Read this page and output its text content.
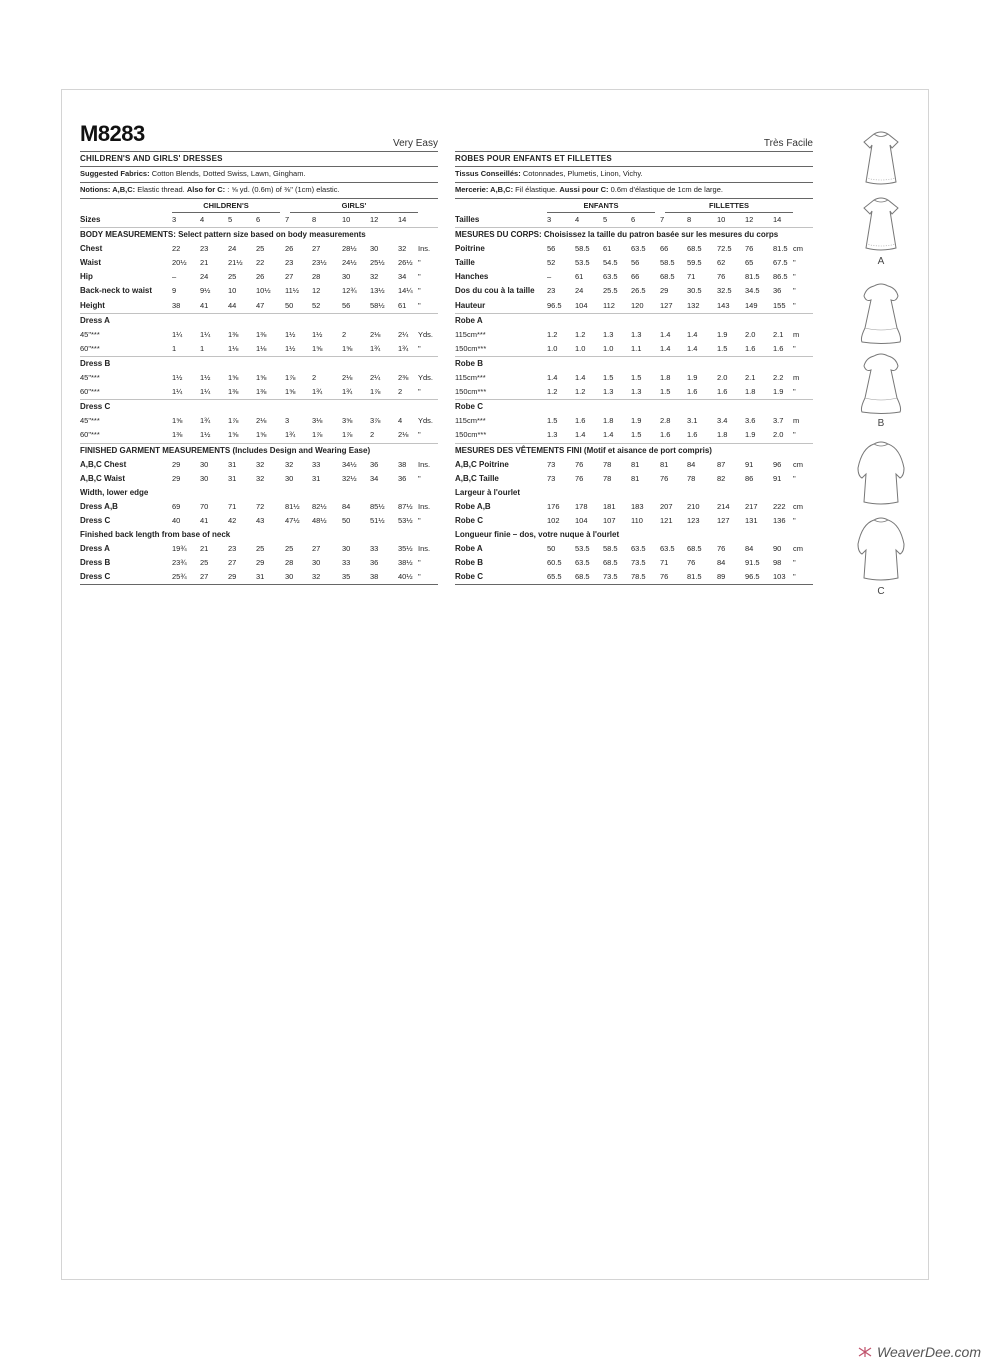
M8283	Very Easy
CHILDREN'S AND GIRLS' DRESSES
Suggested Fabrics: Cotton Blends, Dotted Swiss, Lawn, Gingham.
Notions: A,B,C: Elastic thread. Also for C: : ⅝ yd. (0.6m) of ⅜" (1cm) elastic.
CHILDREN'S	GIRLS'
Sizes	3	4	5	6	7	8	10	12	14
BODY MEASUREMENTS: Select pattern size based on body measurements
Chest	22	23	24	25	26	27	28½	30	32	Ins.
Waist	20½	21	21½	22	23	23½	24½	25½	26½ "
Hip	–	24	25	26	27	28	30	32	34	"
Back-neck to waist	9	9½	10	10½	11½	12	12¾	13½	14¼ "
Height	38	41	44	47	50	52	56	58½	61	"
Dress A
45"***	1¼	1¼	1⅜	1⅜	1½	1½	2	2⅛	2¼	Yds.
60"***	1	1	1⅛	1⅛	1½	1⅝	1⅝	1¾	1¾	"
Dress B
45"***	1½	1½	1⅝	1⅝	1⅞	2	2⅛	2¼	2⅜	Yds.
60"***	1¼	1¼	1⅜	1⅜	1⅝	1¾	1¾	1⅞	2	"
Dress C
45"***	1⅝	1¾	1⅞	2⅛	3	3⅛	3⅝	3⅞	4	Yds.
60"***	1⅜	1½	1⅝	1⅝	1¾	1⅞	1⅞	2	2⅛	"
FINISHED GARMENT MEASUREMENTS (Includes Design and Wearing Ease)
A,B,C Chest	29	30	31	32	32	33	34½	36	38	Ins.
A,B,C Waist	29	30	31	32	30	31	32½	34	36	"
Width, lower edge
Dress A,B	69	70	71	72	81½	82½	84	85½	87½ Ins.
Dress C	40	41	42	43	47½	48½	50	51½	53½ "
Finished back length from base of neck
Dress A	19¾	21	23	25	25	27	30	33	35½ Ins.
Dress B	23¾	25	27	29	28	30	33	36	38½ "
Dress C	25¾	27	29	31	30	32	35	38	40½ "
Très Facile
ROBES POUR ENFANTS ET FILLETTES
Tissus Conseillés: Cotonnades, Plumetis, Linon, Vichy.
Mercerie: A,B,C: Fil élastique. Aussi pour C: 0.6m d'élastique de 1cm de large.
ENFANTS	FILLETTES
Tailles	3	4	5	6	7	8	10	12	14
MESURES DU CORPS: Choisissez la taille du patron basée sur les mesures du corps
Poitrine	56	58.5	61	63.5	66	68.5	72.5	76	81.5 cm
Taille	52	53.5	54.5	56	58.5	59.5	62	65	67.5 "
Hanches	–	61	63.5	66	68.5	71	76	81.5	86.5 "
Dos du cou à la taille 23	24	25.5	26.5	29	30.5	32.5	34.5	36	"
Hauteur	96.5	104	112	120	127	132	143	149	155 "
Robe A
115cm***	1.2	1.2	1.3	1.3	1.4	1.4	1.9	2.0	2.1	m
150cm***	1.0	1.0	1.0	1.1	1.4	1.4	1.5	1.6	1.6	"
Robe B
115cm***	1.4	1.4	1.5	1.5	1.8	1.9	2.0	2.1	2.2	m
150cm***	1.2	1.2	1.3	1.3	1.5	1.6	1.6	1.8	1.9	"
Robe C
115cm***	1.5	1.6	1.8	1.9	2.8	3.1	3.4	3.6	3.7	m
150cm***	1.3	1.4	1.4	1.5	1.6	1.6	1.8	1.9	2.0	"
MESURES DES VÊTEMENTS FINI (Motif et aisance de port compris)
A,B,C Poitrine	73	76	78	81	81	84	87	91	96	cm
A,B,C Taille	73	76	78	81	76	78	82	86	91	"
Largeur à l'ourlet
Robe A,B	176	178	181	183	207	210	214	217	222 cm
Robe C	102	104	107	110	121	123	127	131	136 "
Longueur finie – dos, votre nuque à l'ourlet
Robe A	50	53.5	58.5	63.5	63.5	68.5	76	84	90	cm
Robe B	60.5	63.5	68.5	73.5	71	76	84	91.5	98	"
Robe C	65.5	68.5	73.5	78.5	76	81.5	89	96.5	103 "
A
B
C
WeaverDee.com
